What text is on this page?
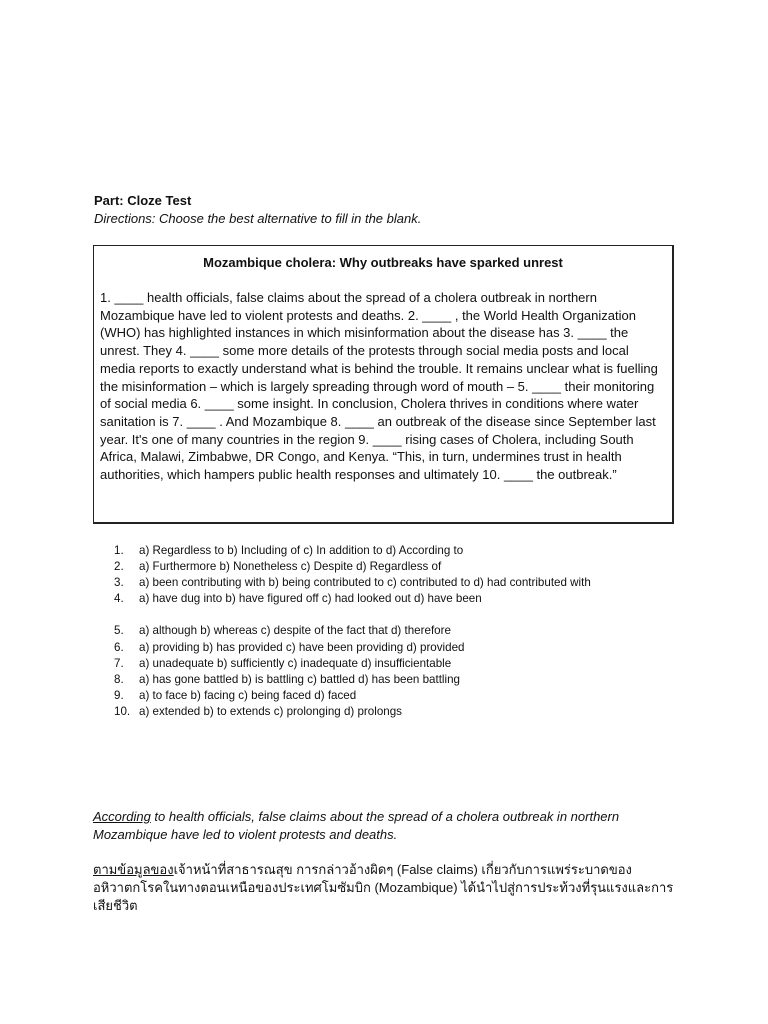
Part: Cloze Test
Directions: Choose the best alternative to fill in the blank.
Mozambique cholera: Why outbreaks have sparked unrest
1. ____ health officials, false claims about the spread of a cholera outbreak in northern Mozambique have led to violent protests and deaths. 2. ____ , the World Health Organization (WHO) has highlighted instances in which misinformation about the disease has 3. ____ the unrest. They 4. ____ some more details of the protests through social media posts and local media reports to exactly understand what is behind the trouble. It remains unclear what is fuelling the misinformation – which is largely spreading through word of mouth – 5. ____ their monitoring of social media 6. ____ some insight. In conclusion, Cholera thrives in conditions where water sanitation is 7. ____ . And Mozambique 8. ____ an outbreak of the disease since September last year. It's one of many countries in the region 9. ____ rising cases of Cholera, including South Africa, Malawi, Zimbabwe, DR Congo, and Kenya. “This, in turn, undermines trust in health authorities, which hampers public health responses and ultimately 10. ____ the outbreak.”
1.	a) Regardless to b) Including of c) In addition to d) According to
2.	a) Furthermore b) Nonetheless c) Despite d) Regardless of
3.	a) been contributing with b) being contributed to c) contributed to d) had contributed with
4.	a) have dug into b) have figured off c) had looked out d) have been
5.	a) although b) whereas c) despite of the fact that d) therefore
6.	a) providing b) has provided c) have been providing d) provided
7.	a) unadequate b) sufficiently c) inadequate d) insufficientable
8.	a) has gone battled b) is battling c) battled d) has been battling
9.	a) to face b) facing c) being faced d) faced
10. a) extended b) to extends c) prolonging d) prolongs
According to health officials, false claims about the spread of a cholera outbreak in northern Mozambique have led to violent protests and deaths.
ตามข้อมูลของเจ้าหน้าที่สาธารณสุข การกล่าวอ้างผิดๆ (False claims) เกี่ยวกับการแพร่ระบาดของอหิวาตกโรคในทางตอนเหนือของประเทศโมซัมบิก (Mozambique) ได้นำไปสู่การประท้วงที่รุนแรงและการเสียชีวิต
